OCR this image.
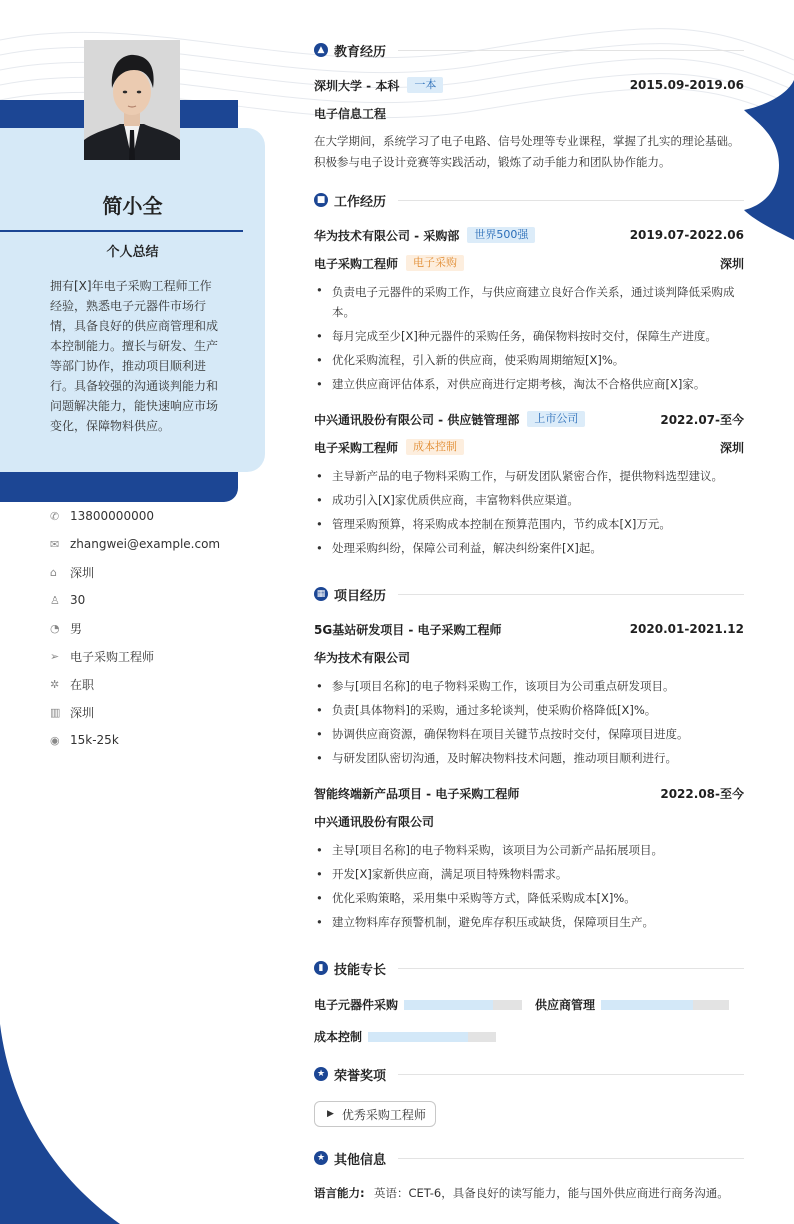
简小全
个人总结
拥有[X]年电子采购工程师工作经验，熟悉电子元器件市场行情，具备良好的供应商管理和成本控制能力。擅长与研发、生产等部门协作，推动项目顺利进行。具备较强的沟通谈判能力和问题解决能力，能快速响应市场变化，保障物料供应。
✆ 13800000000
✉ zhangwei@example.com
⌂	深圳
♙ 30
◔ 男
➢ 电子采购工程师
✲ 在职
▥ 深圳
◉ 15k-25k
▲ 教育经历
深圳大学 - 本科	一本	2015.09-2019.06
电子信息工程
在大学期间，系统学习了电子电路、信号处理等专业课程，掌握了扎实的理论基础。积极参与电子设计竞赛等实践活动，锻炼了动手能力和团队协作能力。
■ 工作经历
华为技术有限公司 - 采购部	世界500强	2019.07-2022.06
电子采购工程师	电子采购	深圳
• 负责电子元器件的采购工作，与供应商建立良好合作关系，通过谈判降低采购成本。
• 每月完成至少[X]种元器件的采购任务，确保物料按时交付，保障生产进度。
• 优化采购流程，引入新的供应商，使采购周期缩短[X]%。
• 建立供应商评估体系，对供应商进行定期考核，淘汰不合格供应商[X]家。
中兴通讯股份有限公司 - 供应链管理部	上市公司	2022.07-至今
电子采购工程师	成本控制	深圳
• 主导新产品的电子物料采购工作，与研发团队紧密合作，提供物料选型建议。
• 成功引入[X]家优质供应商，丰富物料供应渠道。
• 管理采购预算，将采购成本控制在预算范围内，节约成本[X]万元。
• 处理采购纠纷，保障公司利益，解决纠纷案件[X]起。
▦ 项目经历
5G基站研发项目 - 电子采购工程师	2020.01-2021.12
华为技术有限公司
• 参与[项目名称]的电子物料采购工作，该项目为公司重点研发项目。
• 负责[具体物料]的采购，通过多轮谈判，使采购价格降低[X]%。
• 协调供应商资源，确保物料在项目关键节点按时交付，保障项目进度。
• 与研发团队密切沟通，及时解决物料技术问题，推动项目顺利进行。
智能终端新产品项目 - 电子采购工程师	2022.08-至今
中兴通讯股份有限公司
• 主导[项目名称]的电子物料采购，该项目为公司新产品拓展项目。
• 开发[X]家新供应商，满足项目特殊物料需求。
• 优化采购策略，采用集中采购等方式，降低采购成本[X]%。
• 建立物料库存预警机制，避免库存积压或缺货，保障项目生产。
▮ 技能专长
电子元器件采购	供应商管理
成本控制
★ 荣誉奖项
▶ 优秀采购工程师
★ 其他信息
语言能力: 英语：CET-6，具备良好的读写能力，能与国外供应商进行商务沟通。
